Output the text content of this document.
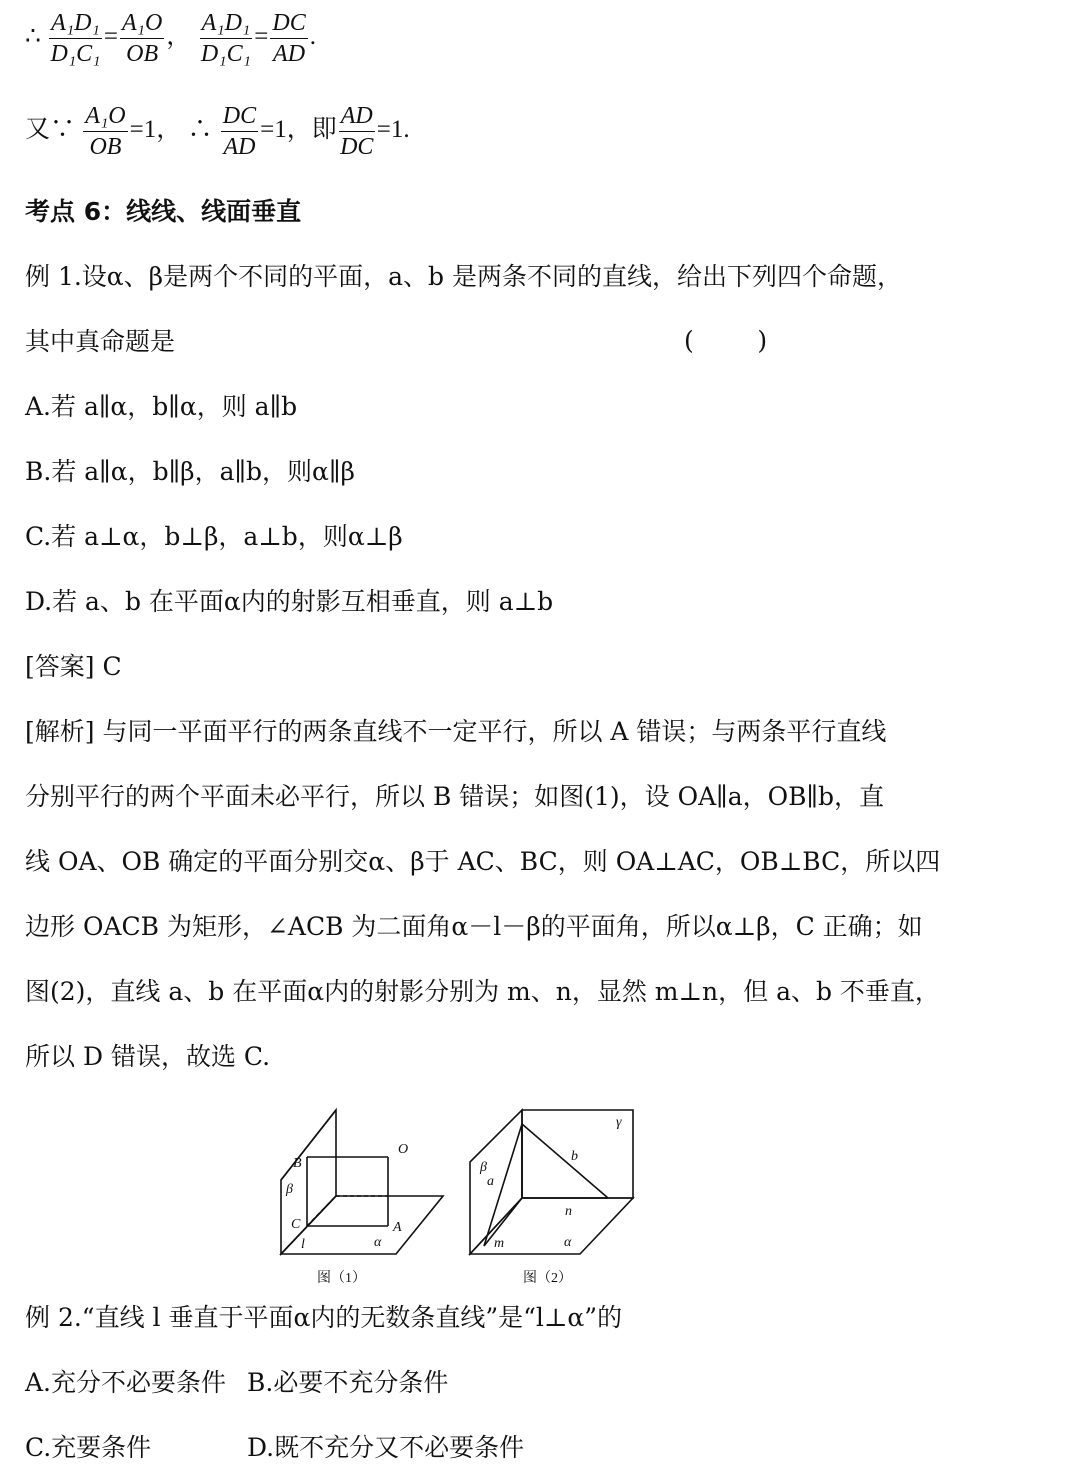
∴ $\frac{\text{A₁D₁}}{\text{D₁C₁}} = \frac{\text{A₁O}}{OB}$ ， $\frac{\text{A₁D₁}}{\text{D₁C₁}} = \frac{DC}{AD}$ .
又∵ $\frac{\text{A₁O}}{OB} =1$， ∴ $\frac{DC}{AD} =1$，即 $\frac{AD}{DC} =1$.
考点 6：线线、线面垂直
例 1.设α、β是两个不同的平面，a、b 是两条不同的直线，给出下列四个命题，
其中真命题是	(        )
A.若 a∥α，b∥α，则 a∥b
B.若 a∥α，b∥β，a∥b，则α∥β
C.若 a⊥α，b⊥β，a⊥b，则α⊥β
D.若 a、b 在平面α内的射影互相垂直，则 a⊥b
[答案] C
[解析] 与同一平面平行的两条直线不一定平行，所以 A 错误；与两条平行直线
分别平行的两个平面未必平行，所以 B 错误；如图(1)，设 OA∥a，OB∥b，直
线 OA、OB 确定的平面分别交α、β于 AC、BC，则 OA⊥AC，OB⊥BC，所以四
边形 OACB 为矩形，∠ACB 为二面角α－l－β的平面角，所以α⊥β，C 正确；如
图(2)，直线 a、b 在平面α内的射影分别为 m、n，显然 m⊥n，但 a、b 不垂直，
所以 D 错误，故选 C.
O
B
β
C	A
l	α
γ
b
β
a
n
m	α
图（1）	图（2）
例 2.“直线 l 垂直于平面α内的无数条直线”是“l⊥α”的
A.充分不必要条件 B.必要不充分条件
C.充要条件	D.既不充分又不必要条件
